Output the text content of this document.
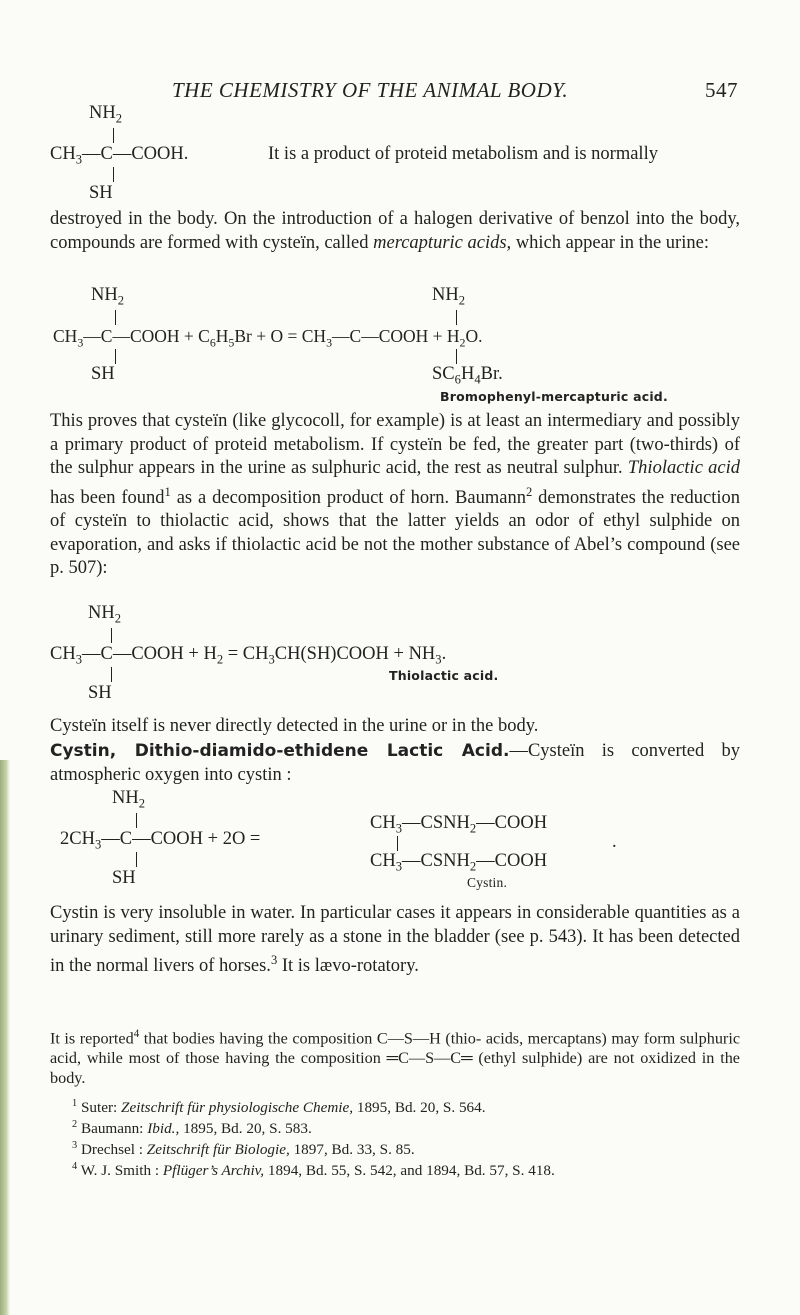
THE CHEMISTRY OF THE ANIMAL BODY.	547
$NH_2$
$CH_3—C—COOH$.
SH
It is a product of proteid metabolism and is normally

destroyed in the body. On the introduction of a halogen derivative of benzol into the body, compounds are formed with cysteïn, called mercapturic acids, which appear in the urine:

$NH_2$	$NH_2$
$CH_3—C—COOH + C_6H_5Br + O$ = $CH_3—C—COOH + H_2O$.
SH	$SC_6H_4Br$.
Bromophenyl-mercapturic acid.

This proves that cysteïn (like glycocoll, for example) is at least an intermediary and possibly a primary product of proteid metabolism. If cysteïn be fed, the greater part (two-thirds) of the sulphur appears in the urine as sulphuric acid, the rest as neutral sulphur. Thiolactic acid has been found$^1$ as a decomposition product of horn. Baumann$^2$ demonstrates the reduction of cysteïn to thiolactic acid, shows that the latter yields an odor of ethyl sulphide on evaporation, and asks if thiolactic acid be not the mother substance of Abel’s compound (see p. 507):

$NH_2$
$CH_3—C—COOH + H_2$ = $CH_3CH(SH)COOH + NH_3$.
SH
Thiolactic acid.

Cysteïn itself is never directly detected in the urine or in the body.

Cystin, Dithio-diamido-ethidene Lactic Acid.—Cysteïn is converted by atmospheric oxygen into cystin :

$NH_2$
$2CH_3—C—COOH + 2O$ =
SH
$CH_3—CSNH_2—COOH$
$CH_3—CSNH_2—COOH$
.
Cystin.

Cystin is very insoluble in water. In particular cases it appears in considerable quantities as a urinary sediment, still more rarely as a stone in the bladder (see p. 543). It has been detected in the normal livers of horses.$^3$ It is lævo-rotatory.

It is reported$^4$ that bodies having the composition C—S—H (thio- acids, mercaptans) may form sulphuric acid, while most of those having the composition ═C—S—C═ (ethyl sulphide) are not oxidized in the body.

$^1$ Suter: Zeitschrift für physiologische Chemie, 1895, Bd. 20, S. 564.

$^2$ Baumann: Ibid., 1895, Bd. 20, S. 583.

$^3$ Drechsel : Zeitschrift für Biologie, 1897, Bd. 33, S. 85.

$^4$ W. J. Smith : Pflüger’s Archiv, 1894, Bd. 55, S. 542, and 1894, Bd. 57, S. 418.
